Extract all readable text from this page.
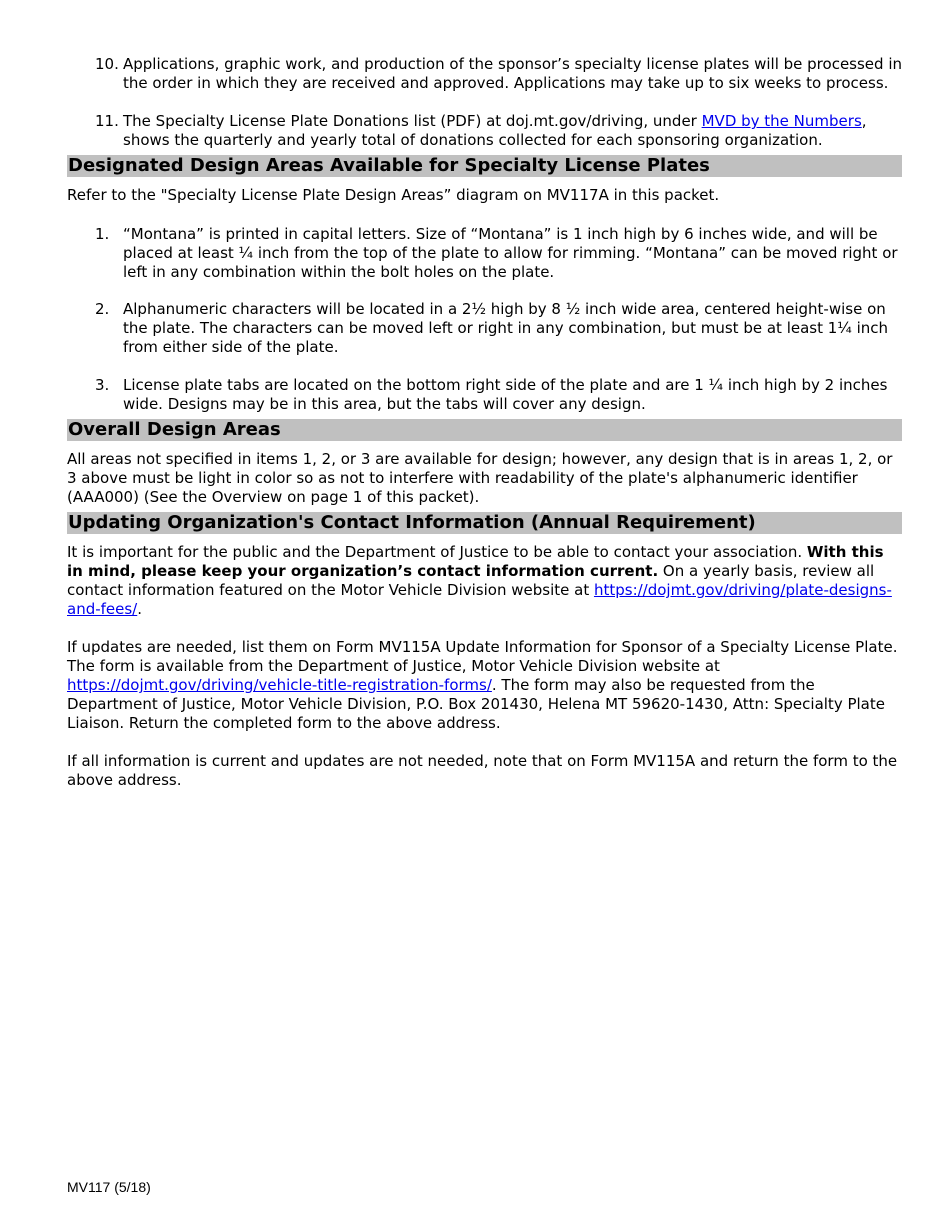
10. Applications, graphic work, and production of the sponsor’s specialty license plates will be processed in the order in which they are received and approved. Applications may take up to six weeks to process.
11. The Specialty License Plate Donations list (PDF) at doj.mt.gov/driving, under MVD by the Numbers, shows the quarterly and yearly total of donations collected for each sponsoring organization.
Designated Design Areas Available for Specialty License Plates

Refer to the "Specialty License Plate Design Areas” diagram on MV117A in this packet.

1. “Montana” is printed in capital letters. Size of “Montana” is 1 inch high by 6 inches wide, and will be placed at least ¼ inch from the top of the plate to allow for rimming. “Montana” can be moved right or left in any combination within the bolt holes on the plate.
2. Alphanumeric characters will be located in a 2½ high by 8 ½ inch wide area, centered height-wise on the plate. The characters can be moved left or right in any combination, but must be at least 1¼ inch from either side of the plate.
3. License plate tabs are located on the bottom right side of the plate and are 1 ¼ inch high by 2 inches wide. Designs may be in this area, but the tabs will cover any design.
Overall Design Areas

All areas not specified in items 1, 2, or 3 are available for design; however, any design that is in areas 1, 2, or 3 above must be light in color so as not to interfere with readability of the plate's alphanumeric identifier (AAA000) (See the Overview on page 1 of this packet).

Updating Organization's Contact Information (Annual Requirement)

It is important for the public and the Department of Justice to be able to contact your association. With this in mind, please keep your organization’s contact information current. On a yearly basis, review all contact information featured on the Motor Vehicle Division website at https://dojmt.gov/driving/plate-designs-and-fees/.

If updates are needed, list them on Form MV115A Update Information for Sponsor of a Specialty License Plate. The form is available from the Department of Justice, Motor Vehicle Division website at https://dojmt.gov/driving/vehicle-title-registration-forms/. The form may also be requested from the Department of Justice, Motor Vehicle Division, P.O. Box 201430, Helena MT 59620-1430, Attn: Specialty Plate Liaison. Return the completed form to the above address.

If all information is current and updates are not needed, note that on Form MV115A and return the form to the above address.

MV117 (5/18)
